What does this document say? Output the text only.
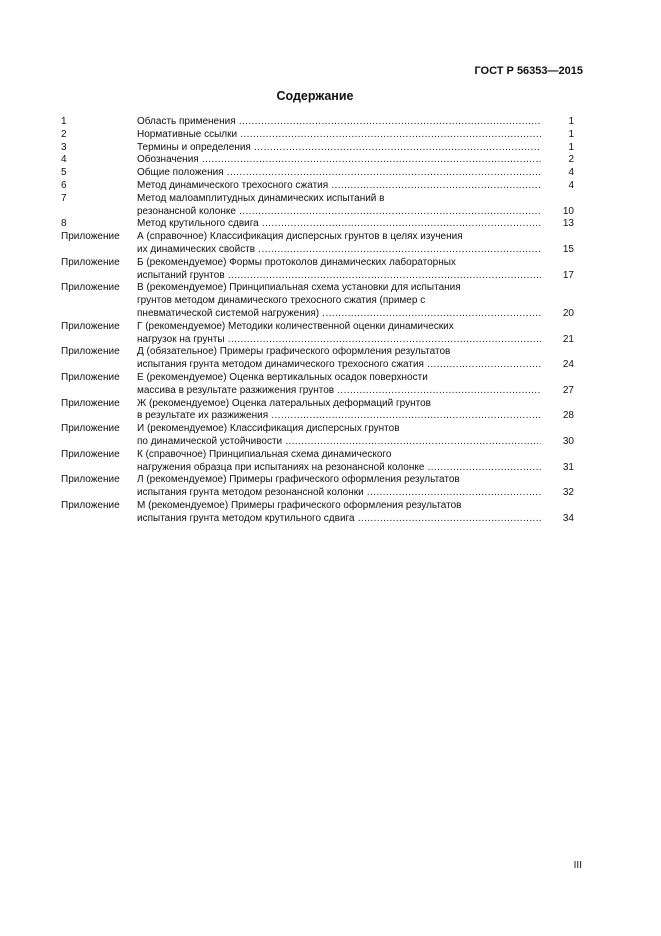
ГОСТ Р 56353—2015
Содержание
1	Область применения .....	1
2	Нормативные ссылки .....	1
3	Термины и определения .....	1
4	Обозначения .....	2
5	Общие положения .....	4
6	Метод динамического трехосного сжатия .....	4
7	Метод малоамплитудных динамических испытаний в
резонансной колонке .....	10
8	Метод крутильного сдвига .....	13
Приложение А (справочное) Классификация дисперсных грунтов в целях изучения
их динамических свойств .....	15
Приложение Б (рекомендуемое) Формы протоколов динамических лабораторных
испытаний грунтов .....	17
Приложение В (рекомендуемое) Принципиальная схема установки для испытания
грунтов методом динамического трехосного сжатия (пример с
пневматической системой нагружения) .....	20
Приложение Г (рекомендуемое) Методики количественной оценки динамических
нагрузок на грунты .....	21
Приложение Д (обязательное) Примеры графического оформления результатов
испытания грунта методом динамического трехосного сжатия .....	24
Приложение Е (рекомендуемое) Оценка вертикальных осадок поверхности
массива в результате разжижения грунтов .....	27
Приложение Ж (рекомендуемое) Оценка латеральных деформаций грунтов
в результате их разжижения .....	28
Приложение И (рекомендуемое) Классификация дисперсных грунтов
по динамической устойчивости .....	30
Приложение К (справочное) Принципиальная схема динамического
нагружения образца при испытаниях на резонансной колонке .....	31
Приложение Л (рекомендуемое) Примеры графического оформления результатов
испытания грунта методом резонансной колонки .....	32
Приложение М (рекомендуемое) Примеры графического оформления результатов
испытания грунта методом крутильного сдвига .....	34
III
